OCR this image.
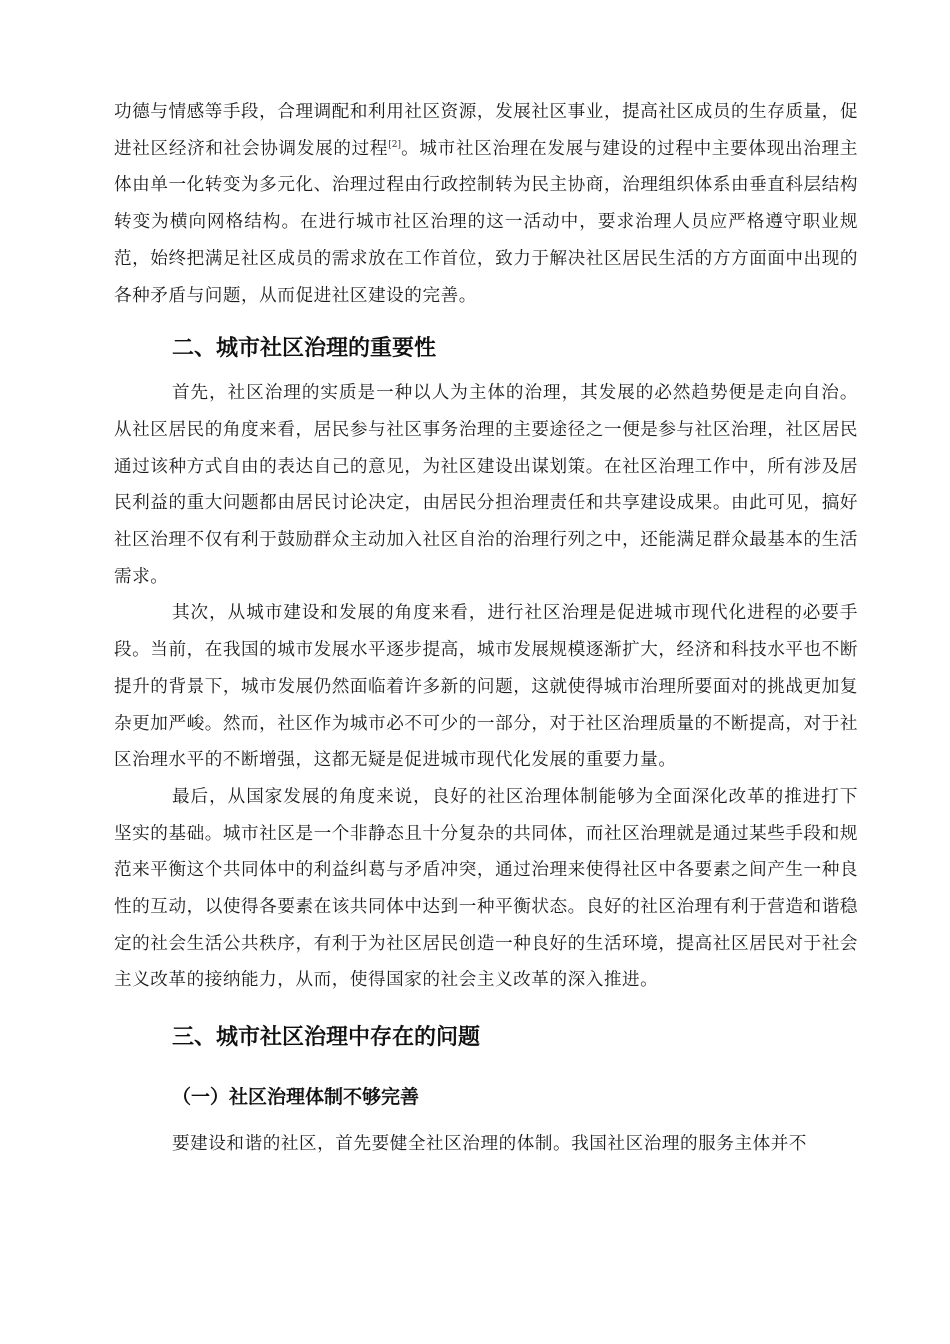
功德与情感等手段，合理调配和利用社区资源，发展社区事业，提高社区成员的生存质量，促进社区经济和社会协调发展的过程[2]。城市社区治理在发展与建设的过程中主要体现出治理主体由单一化转变为多元化、治理过程由行政控制转为民主协商，治理组织体系由垂直科层结构转变为横向网格结构。在进行城市社区治理的这一活动中，要求治理人员应严格遵守职业规范，始终把满足社区成员的需求放在工作首位，致力于解决社区居民生活的方方面面中出现的各种矛盾与问题，从而促进社区建设的完善。

二、城市社区治理的重要性

首先，社区治理的实质是一种以人为主体的治理，其发展的必然趋势便是走向自治。从社区居民的角度来看，居民参与社区事务治理的主要途径之一便是参与社区治理，社区居民通过该种方式自由的表达自己的意见，为社区建设出谋划策。在社区治理工作中，所有涉及居民利益的重大问题都由居民讨论决定，由居民分担治理责任和共享建设成果。由此可见，搞好社区治理不仅有利于鼓励群众主动加入社区自治的治理行列之中，还能满足群众最基本的生活需求。

其次，从城市建设和发展的角度来看，进行社区治理是促进城市现代化进程的必要手段。当前，在我国的城市发展水平逐步提高，城市发展规模逐渐扩大，经济和科技水平也不断提升的背景下，城市发展仍然面临着许多新的问题，这就使得城市治理所要面对的挑战更加复杂更加严峻。然而，社区作为城市必不可少的一部分，对于社区治理质量的不断提高，对于社区治理水平的不断增强，这都无疑是促进城市现代化发展的重要力量。

最后，从国家发展的角度来说，良好的社区治理体制能够为全面深化改革的推进打下坚实的基础。城市社区是一个非静态且十分复杂的共同体，而社区治理就是通过某些手段和规范来平衡这个共同体中的利益纠葛与矛盾冲突，通过治理来使得社区中各要素之间产生一种良性的互动，以使得各要素在该共同体中达到一种平衡状态。良好的社区治理有利于营造和谐稳定的社会生活公共秩序，有利于为社区居民创造一种良好的生活环境，提高社区居民对于社会主义改革的接纳能力，从而，使得国家的社会主义改革的深入推进。

三、城市社区治理中存在的问题
（一）社区治理体制不够完善

要建设和谐的社区，首先要健全社区治理的体制。我国社区治理的服务主体并不
